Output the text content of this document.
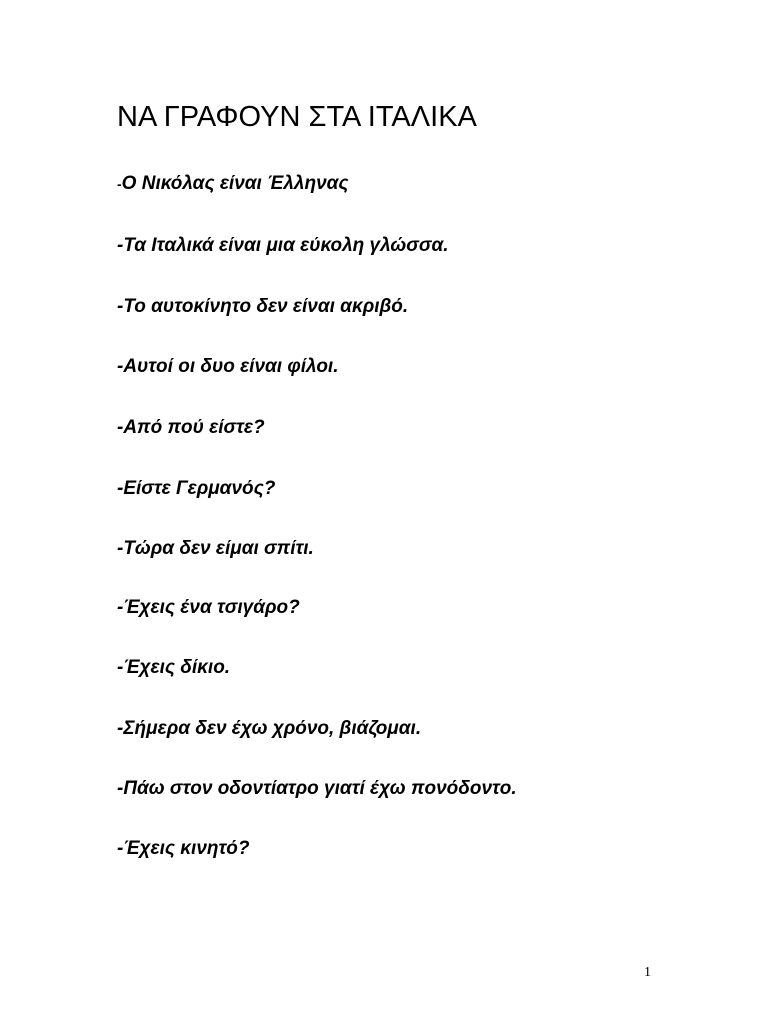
ΝΑ ΓΡΑΦΟΥΝ ΣΤΑ ΙΤΑΛΙΚΑ
-Ο Νικόλας είναι Έλληνας
-Τα Ιταλικά είναι μια εύκολη γλώσσα.
-Το αυτοκίνητο δεν είναι ακριβό.
-Αυτοί οι δυο είναι φίλοι.
-Από πού είστε?
-Είστε Γερμανός?
-Τώρα δεν είμαι σπίτι.
-Έχεις ένα τσιγάρο?
-Έχεις δίκιο.
-Σήμερα δεν έχω χρόνο, βιάζομαι.
-Πάω στον οδοντίατρο γιατί έχω πονόδοντο.
-Έχεις κινητό?
1
